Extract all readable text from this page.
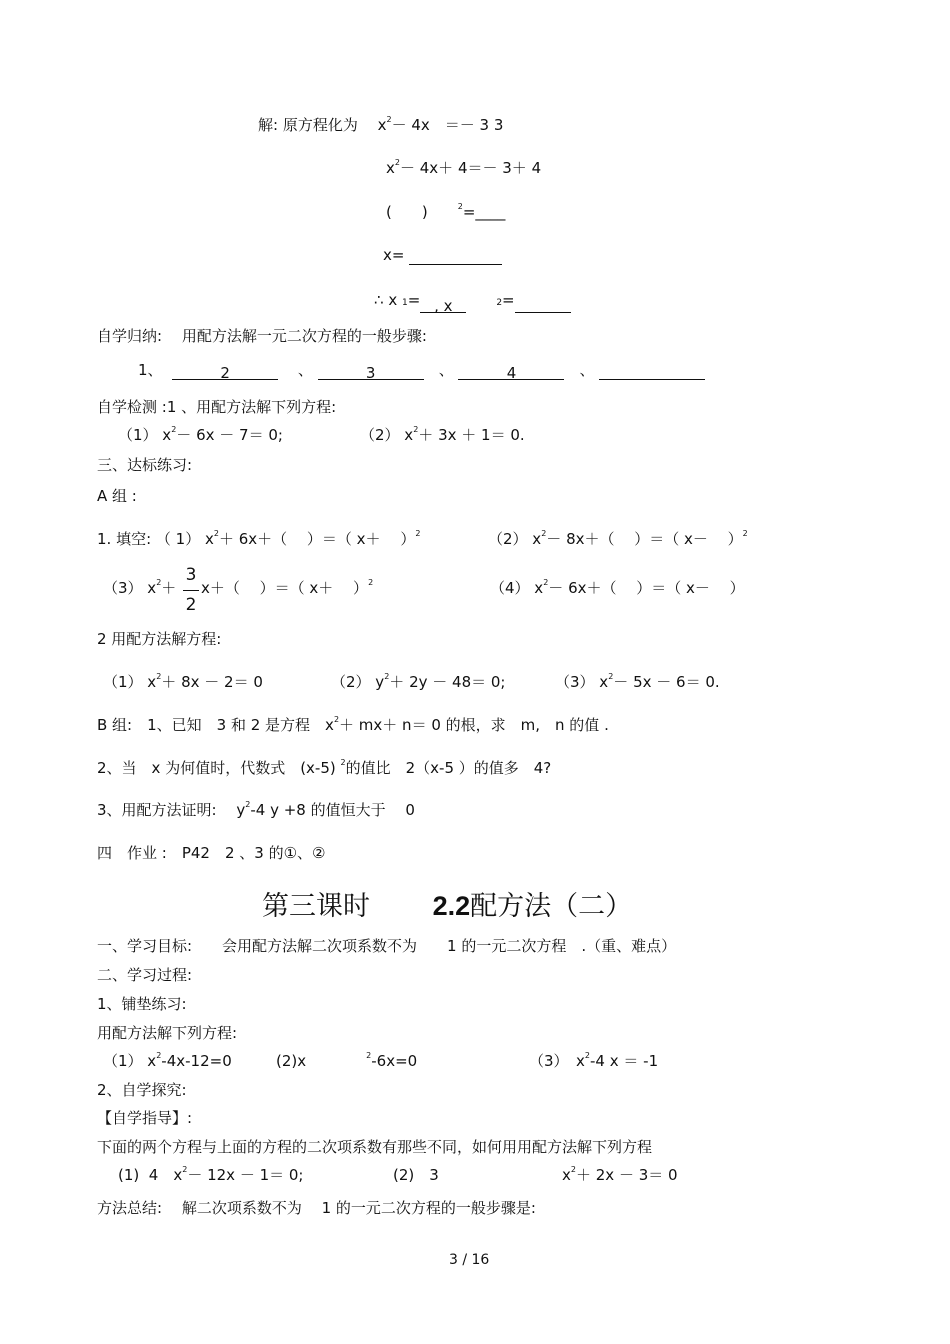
解: 原方程化为　 $x^2- 4x$　＝－ 3 3
$x^2- 4x+ 4=- 3+ 4$
(　　)　　	$^2$=____
x=
∴ x 1= , x　　	2=
自学归纳:　 用配方法解一元二次方程的一般步骤:
1、	2　	、	3　	、	4　	、
自学检测 :1 、用配方法解下列方程:
（1） $x^2- 6x - 7= 0$;	（2） $x^2+ 3x + 1= 0$.
三、达标练习:
A 组 :
1. 填空: （ 1） $x^2+ 6x+$（　 ）＝（ x＋　 ）$^2$	（2） $x^2- 8x+$（　 ）＝（ x－　 ）$^2$
（3） $x^2+$
3
2
x＋（　 ）＝（ x＋　 ）$^2$	（4） $x^2- 6x+$（　 ）＝（ x－　 ）
2 用配方法解方程:
（1） $x^2+ 8x - 2= 0$	（2） $y^2+ 2y - 48= 0$;	（3） $x^2- 5x - 6= 0$.
B 组:　1、已知　3 和 2 是方程　$x^2+ mx+ n= 0$ 的根，求　m,　n 的值 .
2、当　x 为何值时，代数式　(x-5) $^2$的值比　2（x-5 ）的值多　4?
3、用配方法证明:　 $y^2-4$ y +8 的值恒大于　 0
四　作业 :　P42　2 、3 的①、②
第三课时　　 2.2配方法（二）
一、学习目标:　　会用配方法解二次项系数不为　　1 的一元二次方程　.（重、难点）
二、学习过程:
1、铺垫练习:
用配方法解下列方程:
（1） $x^2-4x-12=0$	(2)x　　　　	$^2$-6x=0	（3）　$x^2-4$ x ＝ -1
2、自学探究:
【自学指导】:
下面的两个方程与上面的方程的二次项系数有那些不同，如何用用配方法解下列方程
(1)  4　$x^2- 12x - 1= 0$;	(2)　3	$x^2+ 2x - 3= 0$
方法总结:　 解二次项系数不为　 1 的一元二次方程的一般步骤是:
3 / 16
